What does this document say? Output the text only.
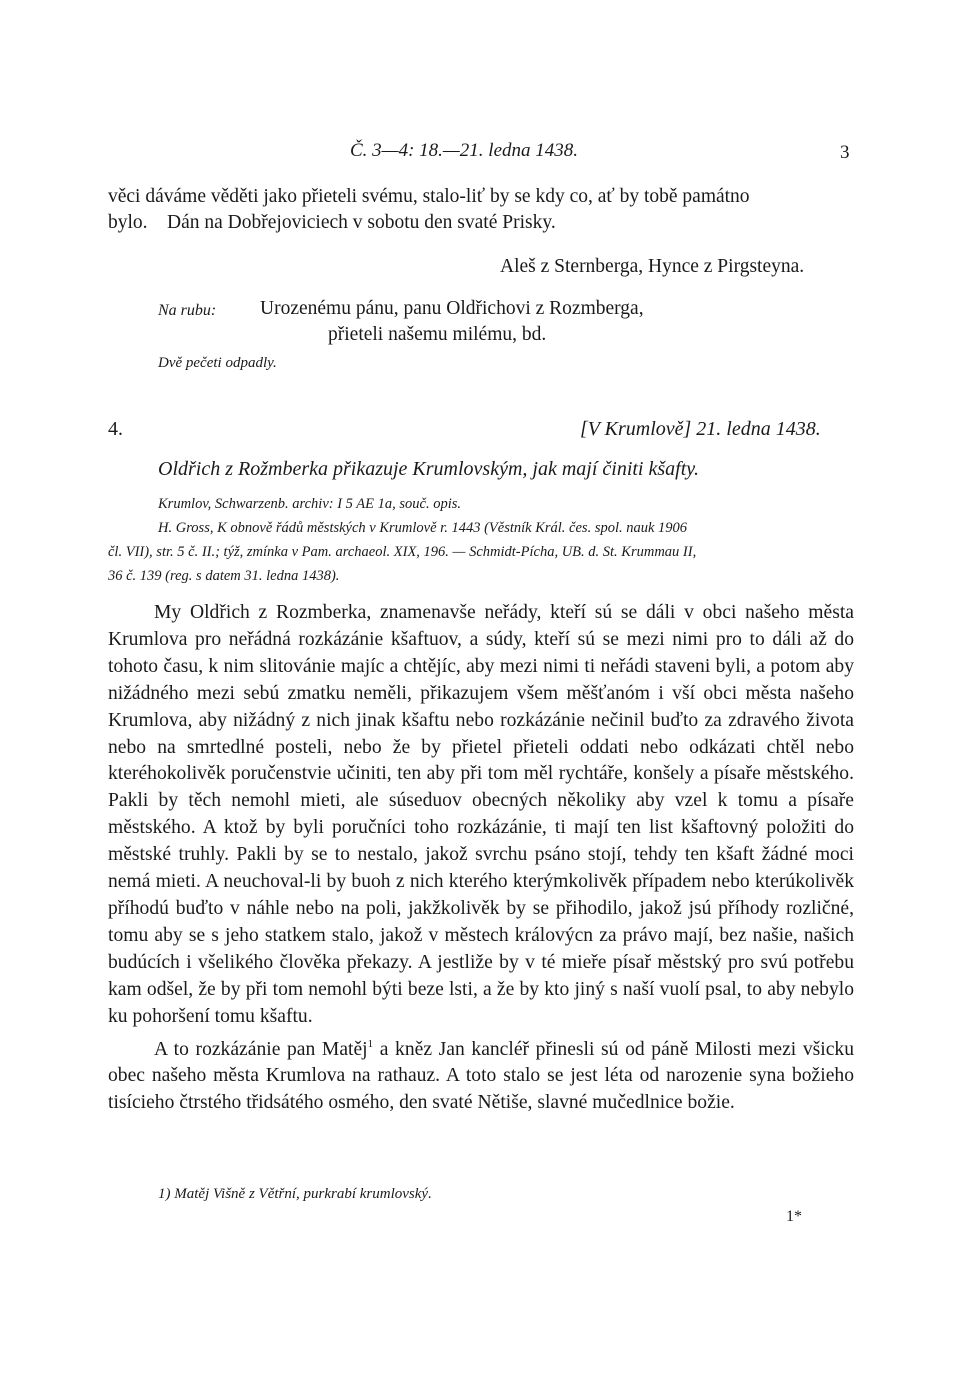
Č. 3—4: 18.—21. ledna 1438.	3
věci dáváme věděti jako přieteli svému, stalo-liť by se kdy co, ať by tobě památno
bylo.    Dán na Dobřejoviciech v sobotu den svaté Prisky.
Aleš z Sternberga, Hynce z Pirgsteyna.
Na rubu: Urozenému pánu, panu Oldřichovi z Rozmberga,
přieteli našemu milému, bd.
Dvě pečeti odpadly.
4.	[V Krumlově] 21. ledna 1438.
Oldřich z Rožmberka přikazuje Krumlovským, jak mají činiti kšafty.
Krumlov, Schwarzenb. archiv: I 5 AE 1a, souč. opis.
H. Gross, K obnově řádů městských v Krumlově r. 1443 (Věstník Král. čes. spol. nauk 1906
čl. VII), str. 5 č. II.; týž, zmínka v Pam. archaeol. XIX, 196. — Schmidt-Pícha, UB. d. St. Krummau II,
36 č. 139 (reg. s datem 31. ledna 1438).

My Oldřich z Rozmberka, znamenavše neřády, kteří sú se dáli v obci našeho města Krumlova pro neřádná rozkázánie kšaftuov, a súdy, kteří sú se mezi nimi pro to dáli až do tohoto času, k nim slitovánie majíc a chtějíc, aby mezi nimi ti neřádi staveni byli, a potom aby nižádného mezi sebú zmatku neměli, přikazujem všem měšťanóm i vší obci města našeho Krumlova, aby nižádný z nich jinak kšaftu nebo rozkázánie nečinil buďto za zdravého života nebo na smrtedlné posteli, nebo že by přietel přieteli oddati nebo odkázati chtěl nebo kteréhokolivěk poručenstvie učiniti, ten aby při tom měl rychtáře, konšely a písaře městského. Pakli by těch nemohl mieti, ale súseduov obecných několiky aby vzel k tomu a písaře městského. A ktož by byli poručníci toho rozkázánie, ti mají ten list kšaftovný položiti do městské truhly. Pakli by se to nestalo, jakož svrchu psáno stojí, tehdy ten kšaft žádné moci nemá mieti. A neuchoval-li by buoh z nich kterého kterýmkolivěk případem nebo kterúkolivěk příhodú buďto v náhle nebo na poli, jakžkolivěk by se přihodilo, jakož jsú příhody rozličné, tomu aby se s jeho statkem stalo, jakož v městech královýcn za právo mají, bez našie, našich budúcích i všelikého člověka překazy. A jestliže by v té mieře písař městský pro svú potřebu kam odšel, že by při tom nemohl býti beze lsti, a že by kto jiný s naší vuolí psal, to aby nebylo ku pohoršení tomu kšaftu.

A to rozkázánie pan Matěj$^1$ a kněz Jan kancléř přinesli sú od páně Milosti mezi všicku obec našeho města Krumlova na rathauz. A toto stalo se jest léta od narozenie syna božieho tisícieho čtrstého třidsátého osmého, den svaté Nětiše, slavné mučedlnice božie.

1) Matěj Višně z Větřní, purkrabí krumlovský.
1*
